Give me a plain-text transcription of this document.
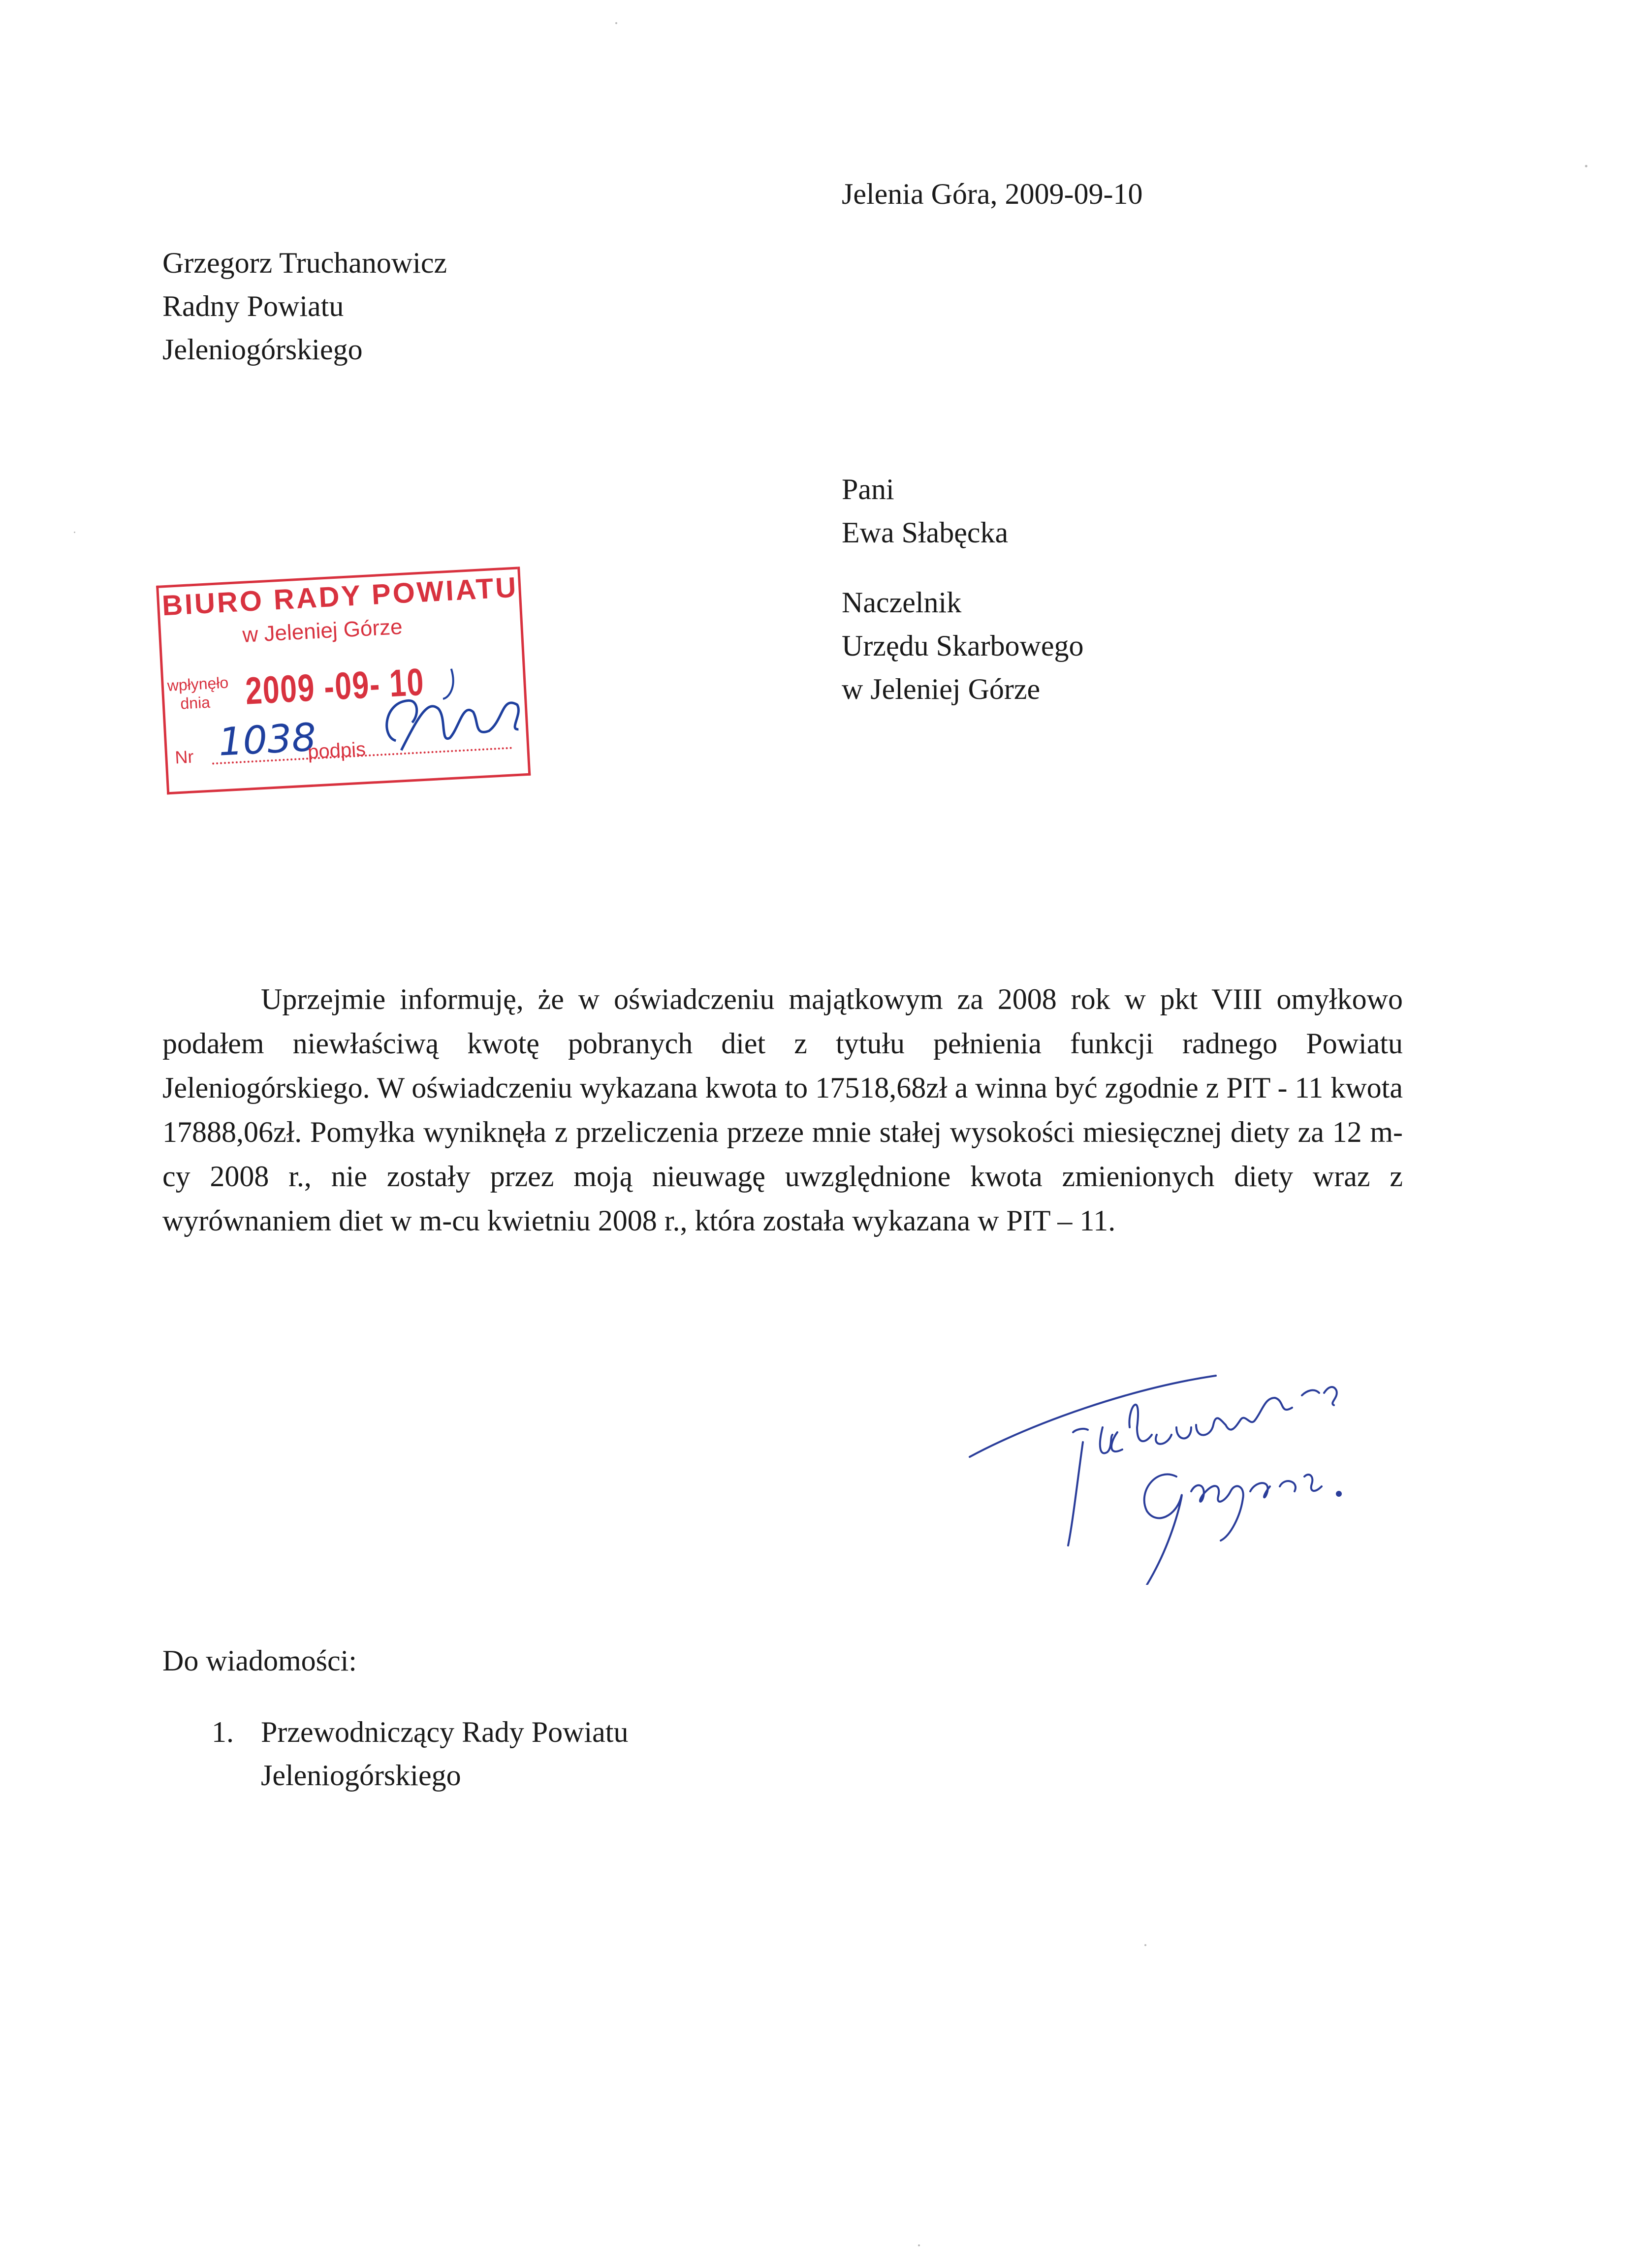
Jelenia Góra, 2009-09-10

Grzegorz Truchanowicz
Radny Powiatu
Jeleniogórskiego
Pani
Ewa Słabęcka
Naczelnik
Urzędu Skarbowego
w Jeleniej Górze
BIURO RADY POWIATU
w Jeleniej Górze
wpłynęło dnia 2009 -09- 10
Nr 1038
podpis

Uprzejmie informuję, że w oświadczeniu majątkowym za 2008 rok w pkt VIII omyłkowo podałem niewłaściwą kwotę pobranych diet z tytułu pełnienia funkcji radnego Powiatu Jeleniogórskiego. W oświadczeniu wykazana kwota to 17518,68zł a winna być zgodnie z PIT - 11 kwota 17888,06zł. Pomyłka wyniknęła z przeliczenia przeze mnie stałej wysokości miesięcznej diety za 12 m-cy 2008 r., nie zostały przez moją nieuwagę uwzględnione kwota zmienionych diety wraz z wyrównaniem diet w m-cu kwietniu 2008 r., która została wykazana w PIT – 11.

Do wiadomości:

1. Przewodniczący Rady Powiatu
Jeleniogórskiego
